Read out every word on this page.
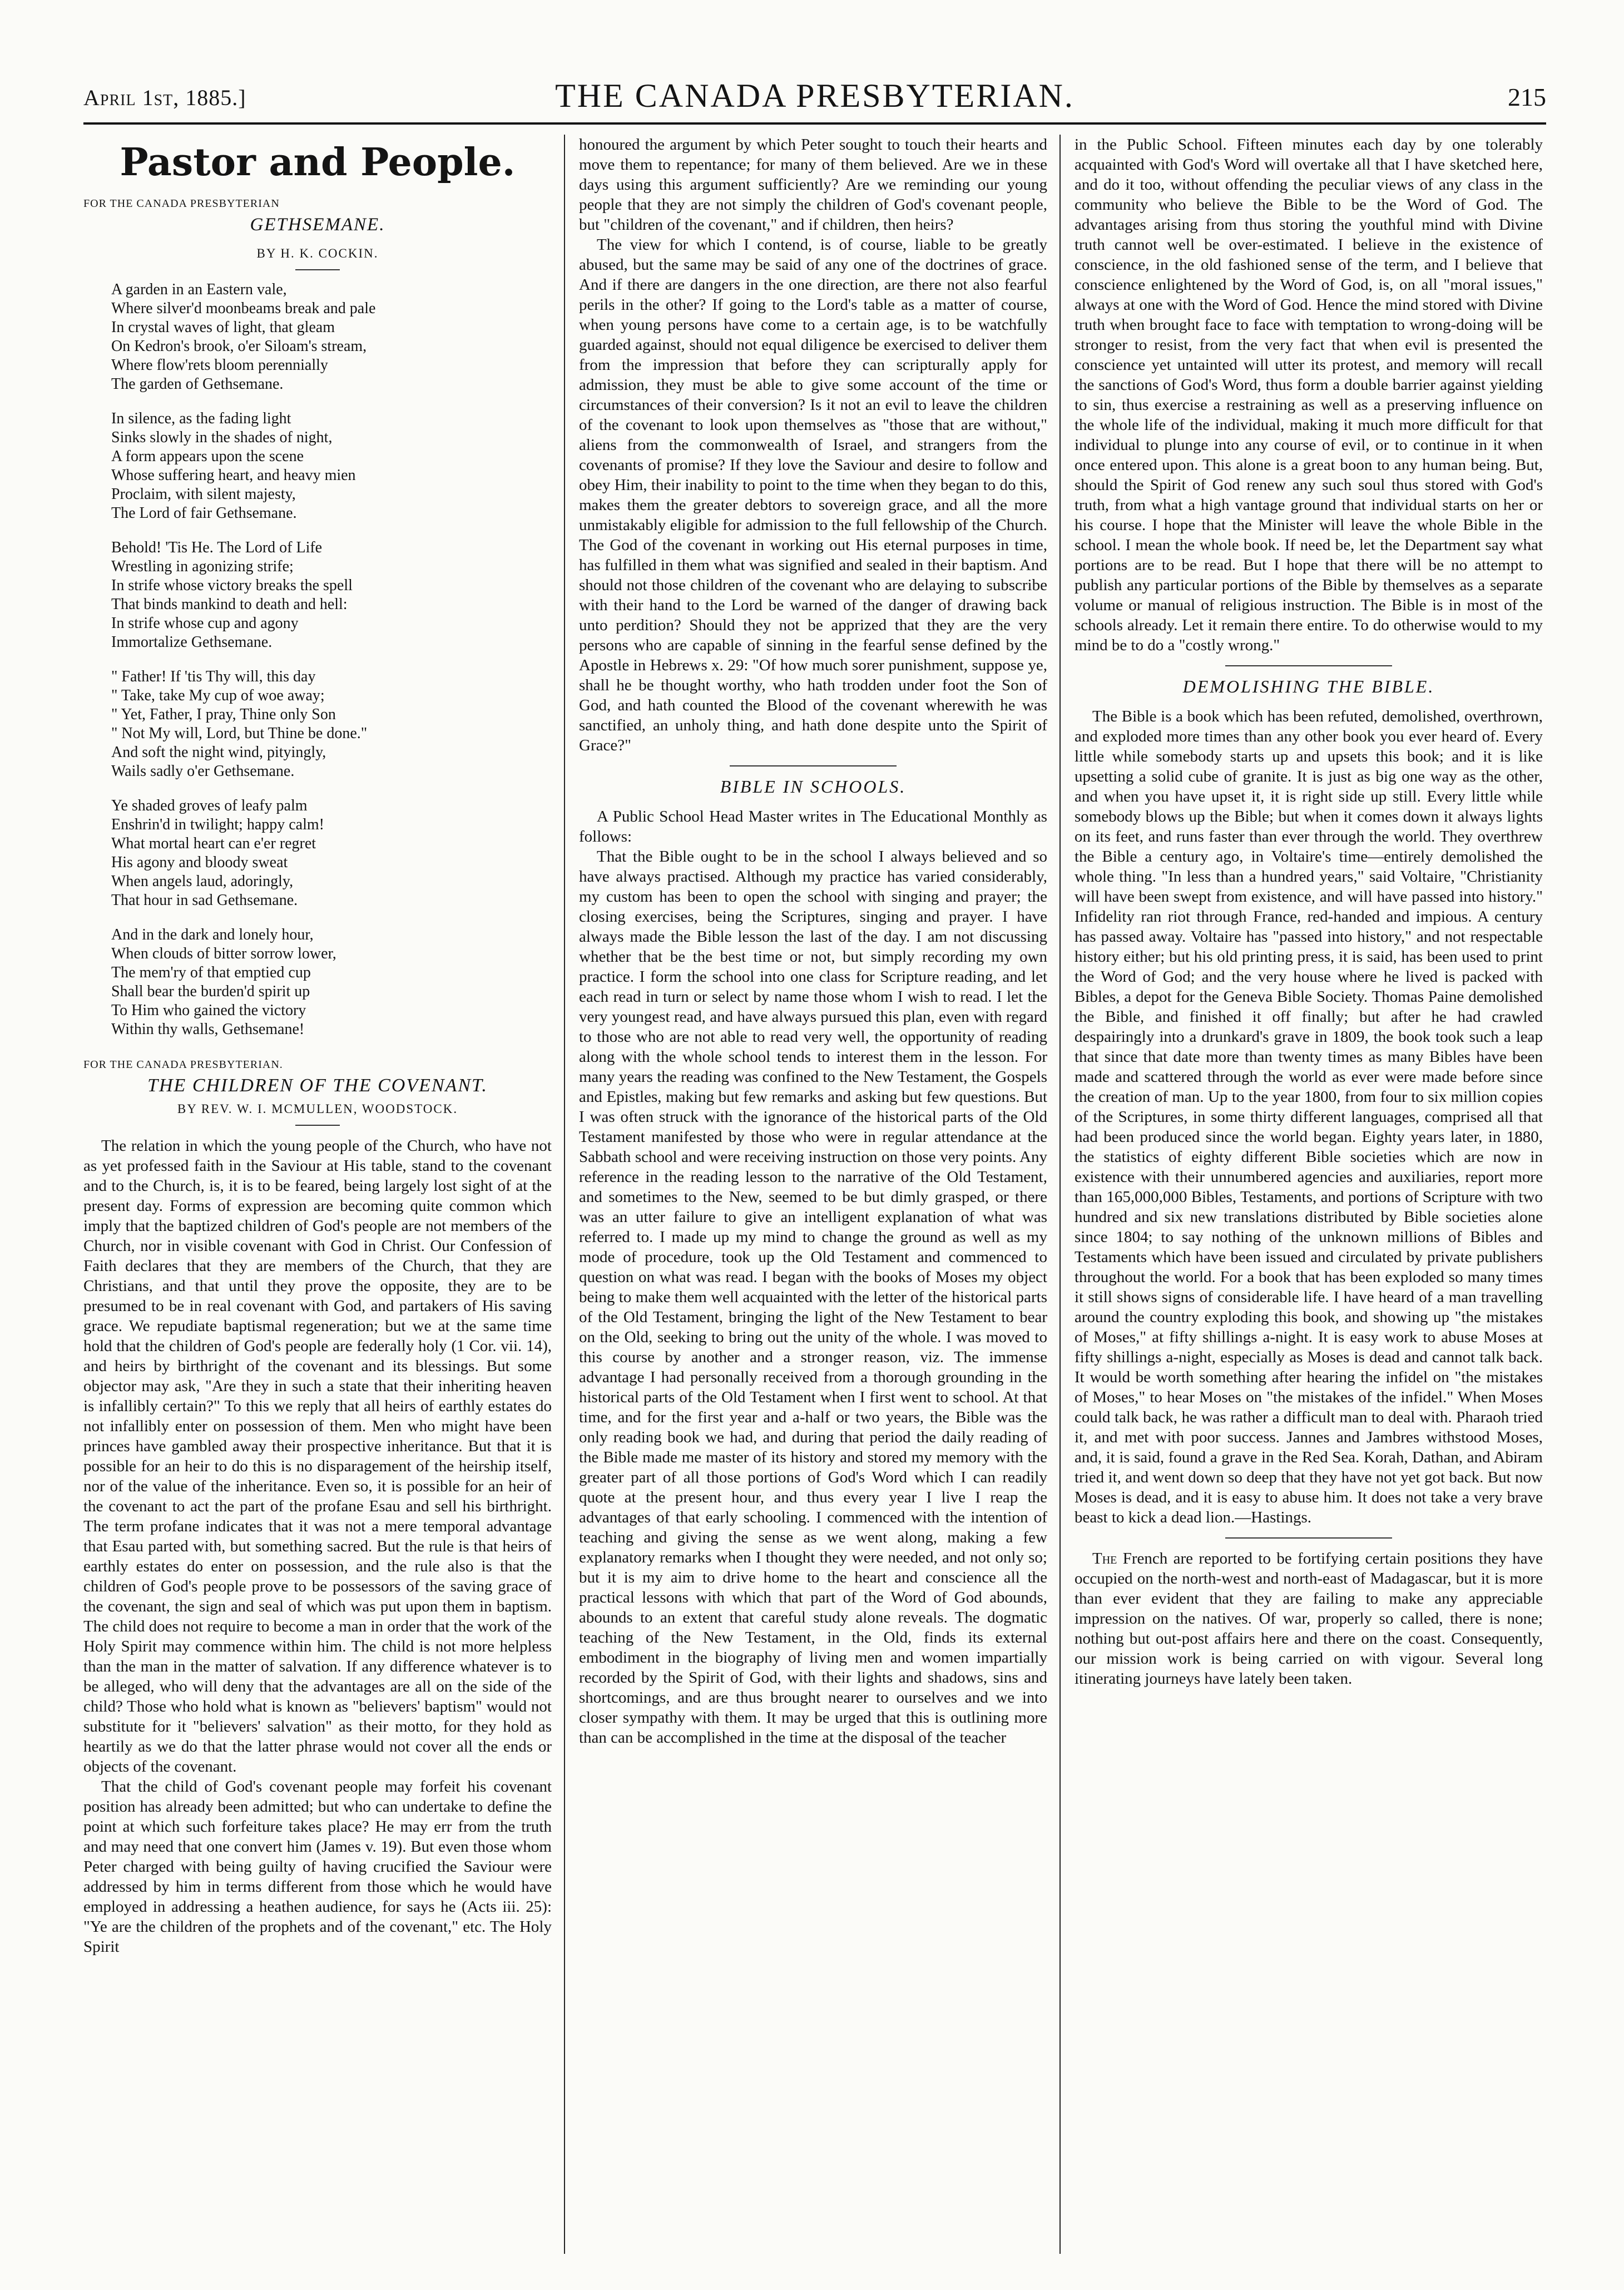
April 1st, 1885.]	THE CANADA PRESBYTERIAN.	215
Pastor and People.
FOR THE CANADA PRESBYTERIAN
GETHSEMANE.
BY H. K. COCKIN.
A garden in an Eastern vale,
Where silver'd moonbeams break and pale
In crystal waves of light, that gleam
On Kedron's brook, o'er Siloam's stream,
Where flow'rets bloom perennially
The garden of Gethsemane.
In silence, as the fading light
Sinks slowly in the shades of night,
A form appears upon the scene
Whose suffering heart, and heavy mien
Proclaim, with silent majesty,
The Lord of fair Gethsemane.
Behold! 'Tis He. The Lord of Life
Wrestling in agonizing strife;
In strife whose victory breaks the spell
That binds mankind to death and hell:
In strife whose cup and agony
Immortalize Gethsemane.
" Father! If 'tis Thy will, this day
" Take, take My cup of woe away;
" Yet, Father, I pray, Thine only Son
" Not My will, Lord, but Thine be done."
And soft the night wind, pityingly,
Wails sadly o'er Gethsemane.
Ye shaded groves of leafy palm
Enshrin'd in twilight; happy calm!
What mortal heart can e'er regret
His agony and bloody sweat
When angels laud, adoringly,
That hour in sad Gethsemane.
And in the dark and lonely hour,
When clouds of bitter sorrow lower,
The mem'ry of that emptied cup
Shall bear the burden'd spirit up
To Him who gained the victory
Within thy walls, Gethsemane!
FOR THE CANADA PRESBYTERIAN.
THE CHILDREN OF THE COVENANT.
BY REV. W. I. MCMULLEN, WOODSTOCK.

The relation in which the young people of the Church, who have not as yet professed faith in the Saviour at His table, stand to the covenant and to the Church, is, it is to be feared, being largely lost sight of at the present day. Forms of expression are becoming quite common which imply that the baptized children of God's people are not members of the Church, nor in visible covenant with God in Christ. Our Confession of Faith declares that they are members of the Church, that they are Christians, and that until they prove the opposite, they are to be presumed to be in real covenant with God, and partakers of His saving grace. We repudiate baptismal regeneration; but we at the same time hold that the children of God's people are federally holy (1 Cor. vii. 14), and heirs by birthright of the covenant and its blessings. But some objector may ask, "Are they in such a state that their inheriting heaven is infallibly certain?" To this we reply that all heirs of earthly estates do not infallibly enter on possession of them. Men who might have been princes have gambled away their prospective inheritance. But that it is possible for an heir to do this is no disparagement of the heirship itself, nor of the value of the inheritance. Even so, it is possible for an heir of the covenant to act the part of the profane Esau and sell his birthright. The term profane indicates that it was not a mere temporal advantage that Esau parted with, but something sacred. But the rule is that heirs of earthly estates do enter on possession, and the rule also is that the children of God's people prove to be possessors of the saving grace of the covenant, the sign and seal of which was put upon them in baptism. The child does not require to become a man in order that the work of the Holy Spirit may commence within him. The child is not more helpless than the man in the matter of salvation. If any difference whatever is to be alleged, who will deny that the advantages are all on the side of the child? Those who hold what is known as "believers' baptism" would not substitute for it "believers' salvation" as their motto, for they hold as heartily as we do that the latter phrase would not cover all the ends or objects of the covenant.

That the child of God's covenant people may forfeit his covenant position has already been admitted; but who can undertake to define the point at which such forfeiture takes place? He may err from the truth and may need that one convert him (James v. 19). But even those whom Peter charged with being guilty of having crucified the Saviour were addressed by him in terms different from those which he would have employed in addressing a heathen audience, for says he (Acts iii. 25): "Ye are the children of the prophets and of the covenant," etc. The Holy Spirit

honoured the argument by which Peter sought to touch their hearts and move them to repentance; for many of them believed. Are we in these days using this argument sufficiently? Are we reminding our young people that they are not simply the children of God's covenant people, but "children of the covenant," and if children, then heirs?

The view for which I contend, is of course, liable to be greatly abused, but the same may be said of any one of the doctrines of grace. And if there are dangers in the one direction, are there not also fearful perils in the other? If going to the Lord's table as a matter of course, when young persons have come to a certain age, is to be watchfully guarded against, should not equal diligence be exercised to deliver them from the impression that before they can scripturally apply for admission, they must be able to give some account of the time or circumstances of their conversion? Is it not an evil to leave the children of the covenant to look upon themselves as "those that are without," aliens from the commonwealth of Israel, and strangers from the covenants of promise? If they love the Saviour and desire to follow and obey Him, their inability to point to the time when they began to do this, makes them the greater debtors to sovereign grace, and all the more unmistakably eligible for admission to the full fellowship of the Church. The God of the covenant in working out His eternal purposes in time, has fulfilled in them what was signified and sealed in their baptism. And should not those children of the covenant who are delaying to subscribe with their hand to the Lord be warned of the danger of drawing back unto perdition? Should they not be apprized that they are the very persons who are capable of sinning in the fearful sense defined by the Apostle in Hebrews x. 29: "Of how much sorer punishment, suppose ye, shall he be thought worthy, who hath trodden under foot the Son of God, and hath counted the Blood of the covenant wherewith he was sanctified, an unholy thing, and hath done despite unto the Spirit of Grace?"

BIBLE IN SCHOOLS.

A Public School Head Master writes in The Educational Monthly as follows:

That the Bible ought to be in the school I always believed and so have always practised. Although my practice has varied considerably, my custom has been to open the school with singing and prayer; the closing exercises, being the Scriptures, singing and prayer. I have always made the Bible lesson the last of the day. I am not discussing whether that be the best time or not, but simply recording my own practice. I form the school into one class for Scripture reading, and let each read in turn or select by name those whom I wish to read. I let the very youngest read, and have always pursued this plan, even with regard to those who are not able to read very well, the opportunity of reading along with the whole school tends to interest them in the lesson. For many years the reading was confined to the New Testament, the Gospels and Epistles, making but few remarks and asking but few questions. But I was often struck with the ignorance of the historical parts of the Old Testament manifested by those who were in regular attendance at the Sabbath school and were receiving instruction on those very points. Any reference in the reading lesson to the narrative of the Old Testament, and sometimes to the New, seemed to be but dimly grasped, or there was an utter failure to give an intelligent explanation of what was referred to. I made up my mind to change the ground as well as my mode of procedure, took up the Old Testament and commenced to question on what was read. I began with the books of Moses my object being to make them well acquainted with the letter of the historical parts of the Old Testament, bringing the light of the New Testament to bear on the Old, seeking to bring out the unity of the whole. I was moved to this course by another and a stronger reason, viz. The immense advantage I had personally received from a thorough grounding in the historical parts of the Old Testament when I first went to school. At that time, and for the first year and a-half or two years, the Bible was the only reading book we had, and during that period the daily reading of the Bible made me master of its history and stored my memory with the greater part of all those portions of God's Word which I can readily quote at the present hour, and thus every year I live I reap the advantages of that early schooling. I commenced with the intention of teaching and giving the sense as we went along, making a few explanatory remarks when I thought they were needed, and not only so; but it is my aim to drive home to the heart and conscience all the practical lessons with which that part of the Word of God abounds, abounds to an extent that careful study alone reveals. The dogmatic teaching of the New Testament, in the Old, finds its external embodiment in the biography of living men and women impartially recorded by the Spirit of God, with their lights and shadows, sins and shortcomings, and are thus brought nearer to ourselves and we into closer sympathy with them. It may be urged that this is outlining more than can be accomplished in the time at the disposal of the teacher

in the Public School. Fifteen minutes each day by one tolerably acquainted with God's Word will overtake all that I have sketched here, and do it too, without offending the peculiar views of any class in the community who believe the Bible to be the Word of God. The advantages arising from thus storing the youthful mind with Divine truth cannot well be over-estimated. I believe in the existence of conscience, in the old fashioned sense of the term, and I believe that conscience enlightened by the Word of God, is, on all "moral issues," always at one with the Word of God. Hence the mind stored with Divine truth when brought face to face with temptation to wrong-doing will be stronger to resist, from the very fact that when evil is presented the conscience yet untainted will utter its protest, and memory will recall the sanctions of God's Word, thus form a double barrier against yielding to sin, thus exercise a restraining as well as a preserving influence on the whole life of the individual, making it much more difficult for that individual to plunge into any course of evil, or to continue in it when once entered upon. This alone is a great boon to any human being. But, should the Spirit of God renew any such soul thus stored with God's truth, from what a high vantage ground that individual starts on her or his course. I hope that the Minister will leave the whole Bible in the school. I mean the whole book. If need be, let the Department say what portions are to be read. But I hope that there will be no attempt to publish any particular portions of the Bible by themselves as a separate volume or manual of religious instruction. The Bible is in most of the schools already. Let it remain there entire. To do otherwise would to my mind be to do a "costly wrong."

DEMOLISHING THE BIBLE.

The Bible is a book which has been refuted, demolished, overthrown, and exploded more times than any other book you ever heard of. Every little while somebody starts up and upsets this book; and it is like upsetting a solid cube of granite. It is just as big one way as the other, and when you have upset it, it is right side up still. Every little while somebody blows up the Bible; but when it comes down it always lights on its feet, and runs faster than ever through the world. They overthrew the Bible a century ago, in Voltaire's time—entirely demolished the whole thing. "In less than a hundred years," said Voltaire, "Christianity will have been swept from existence, and will have passed into history." Infidelity ran riot through France, red-handed and impious. A century has passed away. Voltaire has "passed into history," and not respectable history either; but his old printing press, it is said, has been used to print the Word of God; and the very house where he lived is packed with Bibles, a depot for the Geneva Bible Society. Thomas Paine demolished the Bible, and finished it off finally; but after he had crawled despairingly into a drunkard's grave in 1809, the book took such a leap that since that date more than twenty times as many Bibles have been made and scattered through the world as ever were made before since the creation of man. Up to the year 1800, from four to six million copies of the Scriptures, in some thirty different languages, comprised all that had been produced since the world began. Eighty years later, in 1880, the statistics of eighty different Bible societies which are now in existence with their unnumbered agencies and auxiliaries, report more than 165,000,000 Bibles, Testaments, and portions of Scripture with two hundred and six new translations distributed by Bible societies alone since 1804; to say nothing of the unknown millions of Bibles and Testaments which have been issued and circulated by private publishers throughout the world. For a book that has been exploded so many times it still shows signs of considerable life. I have heard of a man travelling around the country exploding this book, and showing up "the mistakes of Moses," at fifty shillings a-night. It is easy work to abuse Moses at fifty shillings a-night, especially as Moses is dead and cannot talk back. It would be worth something after hearing the infidel on "the mistakes of Moses," to hear Moses on "the mistakes of the infidel." When Moses could talk back, he was rather a difficult man to deal with. Pharaoh tried it, and met with poor success. Jannes and Jambres withstood Moses, and, it is said, found a grave in the Red Sea. Korah, Dathan, and Abiram tried it, and went down so deep that they have not yet got back. But now Moses is dead, and it is easy to abuse him. It does not take a very brave beast to kick a dead lion.—Hastings.

The French are reported to be fortifying certain positions they have occupied on the north-west and north-east of Madagascar, but it is more than ever evident that they are failing to make any appreciable impression on the natives. Of war, properly so called, there is none; nothing but out-post affairs here and there on the coast. Consequently, our mission work is being carried on with vigour. Several long itinerating journeys have lately been taken.
